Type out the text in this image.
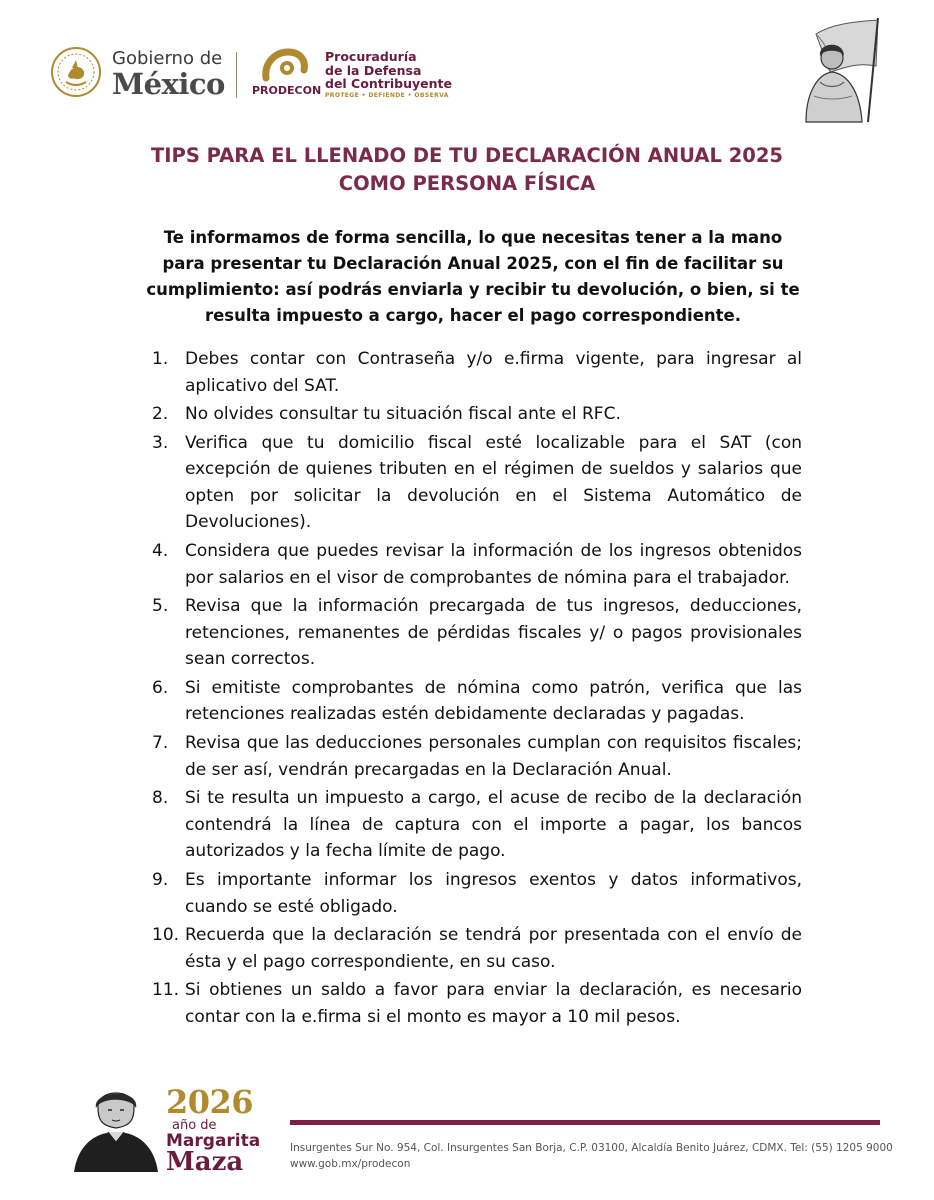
Gobierno de
México PRODECON
Procuraduría
de la Defensa
del Contribuyente
PROTEGE • DEFIENDE • OBSERVA
TIPS PARA EL LLENADO DE TU DECLARACIÓN ANUAL 2025
COMO PERSONA FÍSICA

Te informamos de forma sencilla, lo que necesitas tener a la mano para presentar tu Declaración Anual 2025, con el fin de facilitar su cumplimiento: así podrás enviarla y recibir tu devolución, o bien, si te resulta impuesto a cargo, hacer el pago correspondiente.

1. Debes contar con Contraseña y/o e.firma vigente, para ingresar al aplicativo del SAT.
2. No olvides consultar tu situación fiscal ante el RFC.
3. Verifica que tu domicilio fiscal esté localizable para el SAT (con excepción de quienes tributen en el régimen de sueldos y salarios que opten por solicitar la devolución en el Sistema Automático de Devoluciones).
4. Considera que puedes revisar la información de los ingresos obtenidos por salarios en el visor de comprobantes de nómina para el trabajador.
5. Revisa que la información precargada de tus ingresos, deducciones, retenciones, remanentes de pérdidas fiscales y/ o pagos provisionales sean correctos.
6. Si emitiste comprobantes de nómina como patrón, verifica que las retenciones realizadas estén debidamente declaradas y pagadas.
7. Revisa que las deducciones personales cumplan con requisitos fiscales; de ser así, vendrán precargadas en la Declaración Anual.
8. Si te resulta un impuesto a cargo, el acuse de recibo de la declaración contendrá la línea de captura con el importe a pagar, los bancos autorizados y la fecha límite de pago.
9. Es importante informar los ingresos exentos y datos informativos, cuando se esté obligado.
10. Recuerda que la declaración se tendrá por presentada con el envío de ésta y el pago correspondiente, en su caso.
11. Si obtienes un saldo a favor para enviar la declaración, es necesario contar con la e.firma si el monto es mayor a 10 mil pesos.
2026
año de
Margarita
Maza	Insurgentes Sur No. 954, Col. Insurgentes San Borja, C.P. 03100, Alcaldía Benito Juárez, CDMX. Tel: (55) 1205 9000
www.gob.mx/prodecon
